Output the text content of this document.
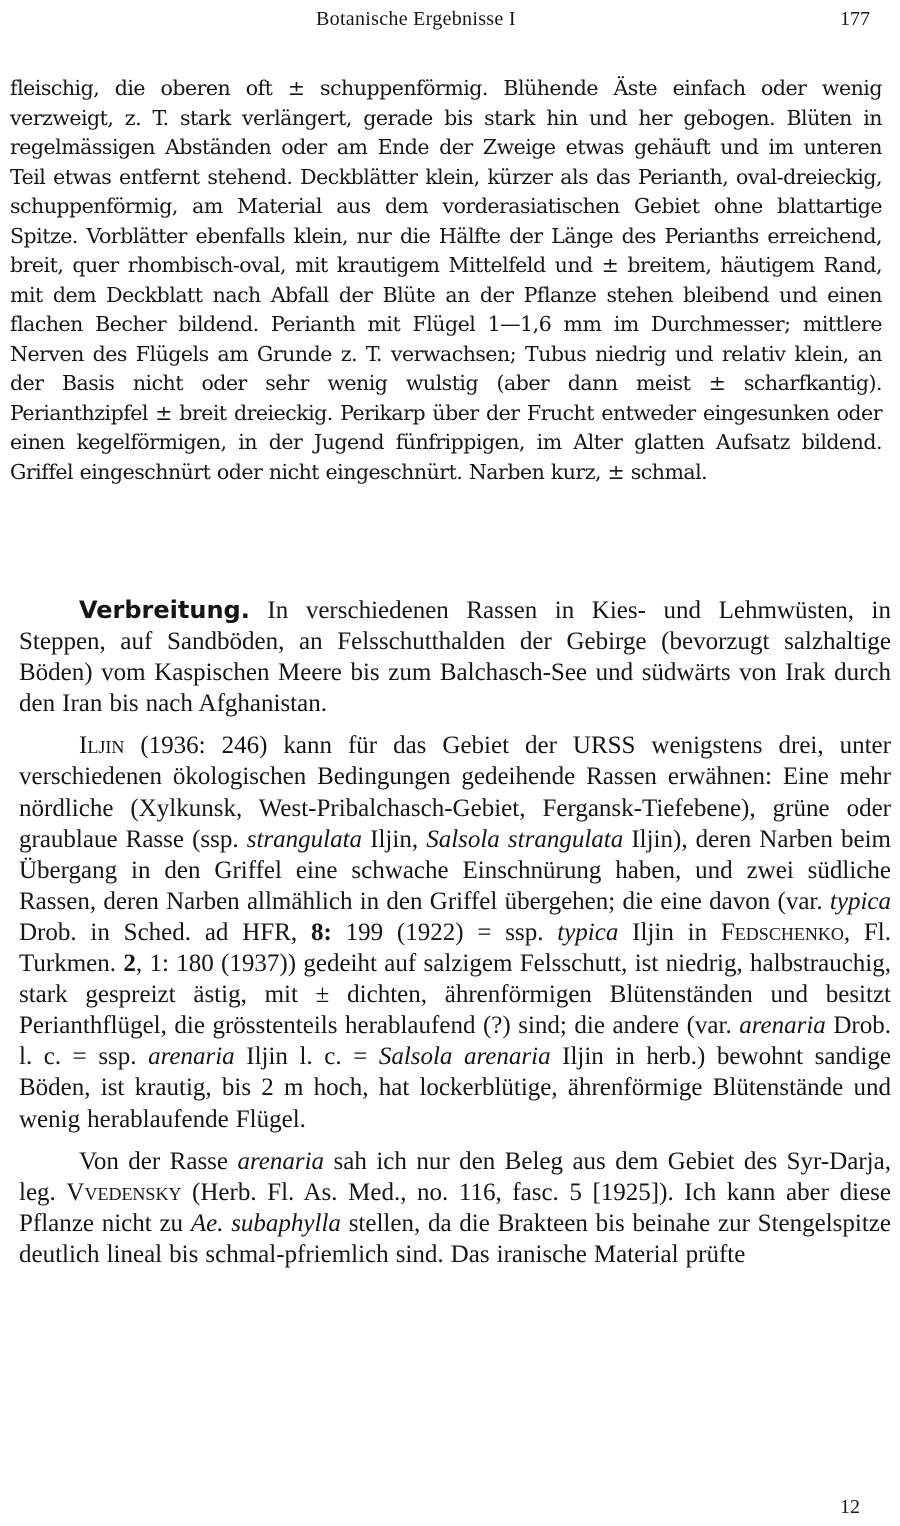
Botanische Ergebnisse I	177

fleischig, die oberen oft ± schuppenförmig. Blühende Äste einfach oder wenig verzweigt, z. T. stark verlängert, gerade bis stark hin und her gebogen. Blüten in regelmässigen Abständen oder am Ende der Zweige etwas gehäuft und im unteren Teil etwas entfernt stehend. Deckblätter klein, kürzer als das Perianth, oval-dreieckig, schuppenförmig, am Material aus dem vorderasiatischen Gebiet ohne blattartige Spitze. Vorblätter ebenfalls klein, nur die Hälfte der Länge des Perianths erreichend, breit, quer rhombisch-oval, mit krautigem Mittelfeld und ± breitem, häutigem Rand, mit dem Deckblatt nach Abfall der Blüte an der Pflanze stehen bleibend und einen flachen Becher bildend. Perianth mit Flügel 1—1,6 mm im Durchmesser; mittlere Nerven des Flügels am Grunde z. T. verwachsen; Tubus niedrig und relativ klein, an der Basis nicht oder sehr wenig wulstig (aber dann meist ± scharfkantig). Perianthzipfel ± breit dreieckig. Perikarp über der Frucht entweder eingesunken oder einen kegelförmigen, in der Jugend fünfrippigen, im Alter glatten Aufsatz bildend. Griffel eingeschnürt oder nicht eingeschnürt. Narben kurz, ± schmal.

Verbreitung. In verschiedenen Rassen in Kies- und Lehmwüsten, in Steppen, auf Sandböden, an Felsschutthalden der Gebirge (bevorzugt salzhaltige Böden) vom Kaspischen Meere bis zum Balchasch-See und südwärts von Irak durch den Iran bis nach Afghanistan.

Iljin (1936: 246) kann für das Gebiet der URSS wenigstens drei, unter verschiedenen ökologischen Bedingungen gedeihende Rassen erwähnen: Eine mehr nördliche (Xylkunsk, West-Pribalchasch-Gebiet, Fergansk-Tiefebene), grüne oder graublaue Rasse (ssp. strangulata Iljin, Salsola strangulata Iljin), deren Narben beim Übergang in den Griffel eine schwache Einschnürung haben, und zwei südliche Rassen, deren Narben allmählich in den Griffel übergehen; die eine davon (var. typica Drob. in Sched. ad HFR, 8: 199 (1922) = ssp. typica Iljin in Fedschenko, Fl. Turkmen. 2, 1: 180 (1937)) gedeiht auf salzigem Felsschutt, ist niedrig, halbstrauchig, stark gespreizt ästig, mit ± dichten, ährenförmigen Blütenständen und besitzt Perianthflügel, die grösstenteils herablaufend (?) sind; die andere (var. arenaria Drob. l. c. = ssp. arenaria Iljin l. c. = Salsola arenaria Iljin in herb.) bewohnt sandige Böden, ist krautig, bis 2 m hoch, hat lockerblütige, ährenförmige Blütenstände und wenig herablaufende Flügel.

Von der Rasse arenaria sah ich nur den Beleg aus dem Gebiet des Syr-Darja, leg. Vvedensky (Herb. Fl. As. Med., no. 116, fasc. 5 [1925]). Ich kann aber diese Pflanze nicht zu Ae. subaphylla stellen, da die Brakteen bis beinahe zur Stengelspitze deutlich lineal bis schmal-pfriemlich sind. Das iranische Material prüfte

12
